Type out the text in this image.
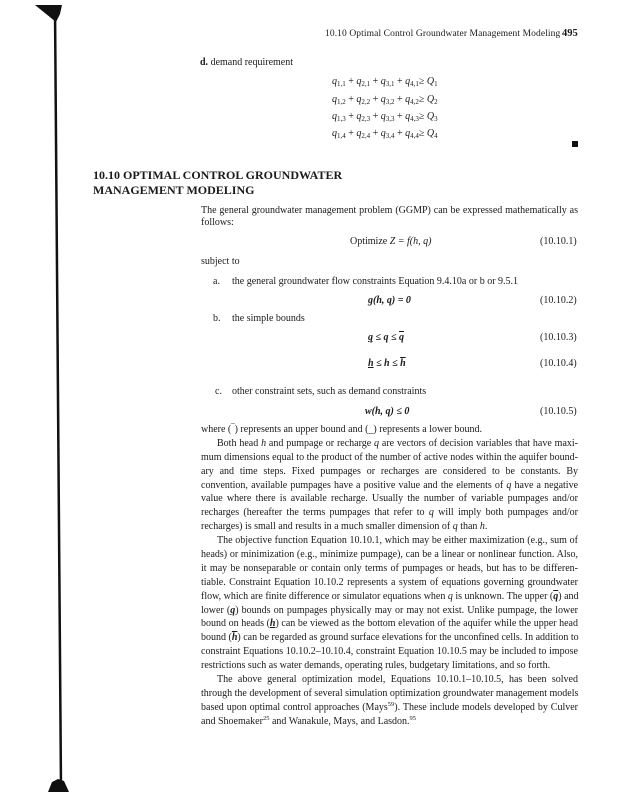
10.10 Optimal Control Groundwater Management Modeling 495
d. demand requirement
$q_{1,1} + q_{2,1} + q_{3,1} + q_{4,1}\ge Q_1$
$q_{1,2} + q_{2,2} + q_{3,2} + q_{4,2}\ge Q_2$
$q_{1,3} + q_{2,3} + q_{3,3} + q_{4,3}\ge Q_3$
$q_{1,4} + q_{2,4} + q_{3,4} + q_{4,4}\ge Q_4$
10.10 OPTIMAL CONTROL GROUNDWATER
MANAGEMENT MODELING
The general groundwater management problem (GGMP) can be expressed mathematically as
follows:
Optimize Z = f(h, q)	(10.10.1)
subject to
a. the general groundwater flow constraints Equation 9.4.10a or b or 9.5.1
g(h, q) = 0	(10.10.2)
b. the simple bounds
$q \le q \le \overline{q}$	(10.10.3)
$h \le h \le \overline{h}$	(10.10.4)
c. other constraint sets, such as demand constraints
w(h, q) ≤ 0	(10.10.5)
where (‾) represents an upper bound and (_) represents a lower bound.
Both head h and pumpage or recharge q are vectors of decision variables that have maxi-
mum dimensions equal to the product of the number of active nodes within the aquifer bound-
ary and time steps. Fixed pumpages or recharges are considered to be constants. By
convention, available pumpages have a positive value and the elements of q have a negative
value where there is available recharge. Usually the number of variable pumpages and/or
recharges (hereafter the terms pumpages that refer to q will imply both pumpages and/or
recharges) is small and results in a much smaller dimension of q than h.
The objective function Equation 10.10.1, which may be either maximization (e.g., sum of
heads) or minimization (e.g., minimize pumpage), can be a linear or nonlinear function. Also,
it may be nonseparable or contain only terms of pumpages or heads, but has to be differen-
tiable. Constraint Equation 10.10.2 represents a system of equations governing groundwater
flow, which are finite difference or simulator equations when q is unknown. The upper $(\overline{q})$ and
lower (q) bounds on pumpages physically may or may not exist. Unlike pumpage, the lower
bound on heads (h) can be viewed as the bottom elevation of the aquifer while the upper head
bound $(\overline{h})$ can be regarded as ground surface elevations for the unconfined cells. In addition to
constraint Equations 10.10.2–10.10.4, constraint Equation 10.10.5 may be included to impose
restrictions such as water demands, operating rules, budgetary limitations, and so forth.
The above general optimization model, Equations 10.10.1–10.10.5, has been solved
through the development of several simulation optimization groundwater management models
based upon optimal control approaches (Mays$^{59}$). These include models developed by Culver
and Shoemaker$^{25}$ and Wanakule, Mays, and Lasdon.$^{95}$
